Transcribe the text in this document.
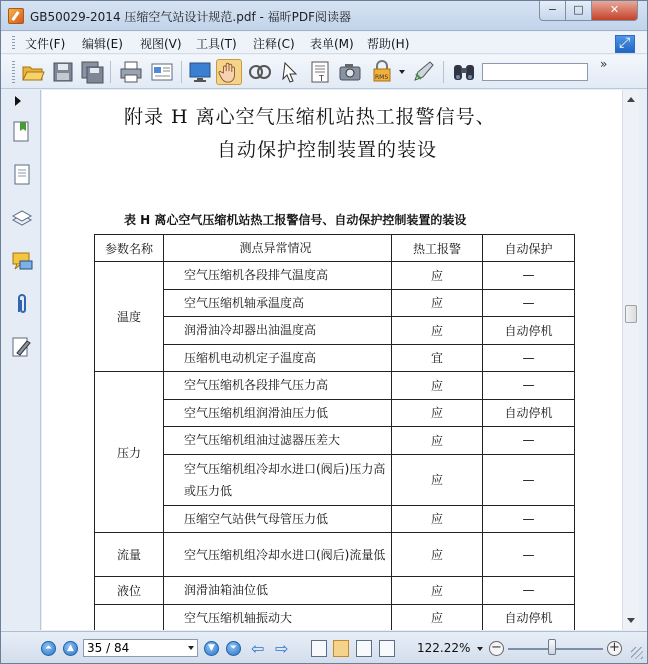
GB50029-2014 压缩空气站设计规范.pdf - 福昕PDF阅读器
−	□	✕
文件(F) 编辑(E) 视图(V) 工具(T) 注释(C) 表单(M) 帮助(H)
⤢
T	RMS
»
附录 H 离心空气压缩机站热工报警信号、
自动保护控制装置的装设
表 H 离心空气压缩机站热工报警信号、自动保护控制装置的装设
参数名称	测点异常情况	热工报警	自动保护
温度	空气压缩机各段排气温度高	应	—
	空气压缩机轴承温度高	应	—
	润滑油冷却器出油温度高	应	自动停机
	压缩机电动机定子温度高	宜	—
压力	空气压缩机各段排气压力高	应	—
	空气压缩机组润滑油压力低	应	自动停机
	空气压缩机组油过滤器压差大	应	—
	空气压缩机组冷却水进口(阀后)压力高或压力低	应	—
	压缩空气站供气母管压力低	应	—
流量	空气压缩机组冷却水进口(阀后)流量低	应	—
液位	润滑油箱油位低	应	—
	空气压缩机轴振动大	应	自动停机
⏶	▲	35 / 84	▼	⏷ ⇦ ⇨	122.22% −	+
